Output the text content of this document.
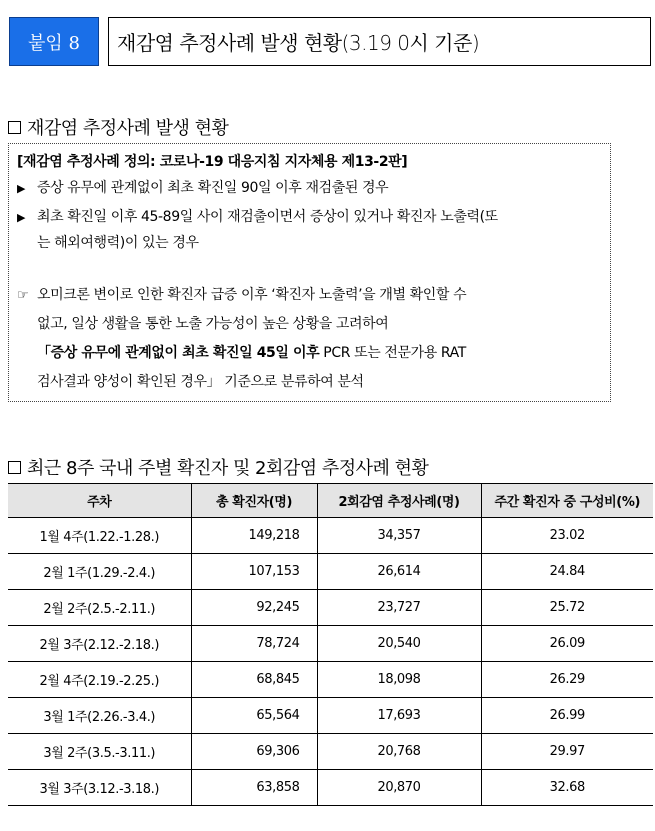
붙임 8	재감염 추정사례 발생 현황(3.19 0시 기준)
재감염 추정사례 발생 현황
[재감염 추정사례 정의: 코로나-19 대응지침 지자체용 제13-2판]
▶ 증상 유무에 관계없이 최초 확진일 90일 이후 재검출된 경우
▶ 최초 확진일 이후 45-89일 사이 재검출이면서 증상이 있거나 확진자 노출력(또
는 해외여행력)이 있는 경우
☞ 오미크론 변이로 인한 확진자 급증 이후 ‘확진자 노출력’을 개별 확인할 수
없고, 일상 생활을 통한 노출 가능성이 높은 상황을 고려하여
「증상 유무에 관계없이 최초 확진일 45일 이후 PCR 또는 전문가용 RAT
검사결과 양성이 확인된 경우」 기준으로 분류하여 분석
최근 8주 국내 주별 확진자 및 2회감염 추정사례 현황
주차	총 확진자(명)	2회감염 추정사례(명)	주간 확진자 중 구성비(%)
1월 4주(1.22.-1.28.)	149,218	34,357	23.02
2월 1주(1.29.-2.4.)	107,153	26,614	24.84
2월 2주(2.5.-2.11.)	92,245	23,727	25.72
2월 3주(2.12.-2.18.)	78,724	20,540	26.09
2월 4주(2.19.-2.25.)	68,845	18,098	26.29
3월 1주(2.26.-3.4.)	65,564	17,693	26.99
3월 2주(3.5.-3.11.)	69,306	20,768	29.97
3월 3주(3.12.-3.18.)	63,858	20,870	32.68
